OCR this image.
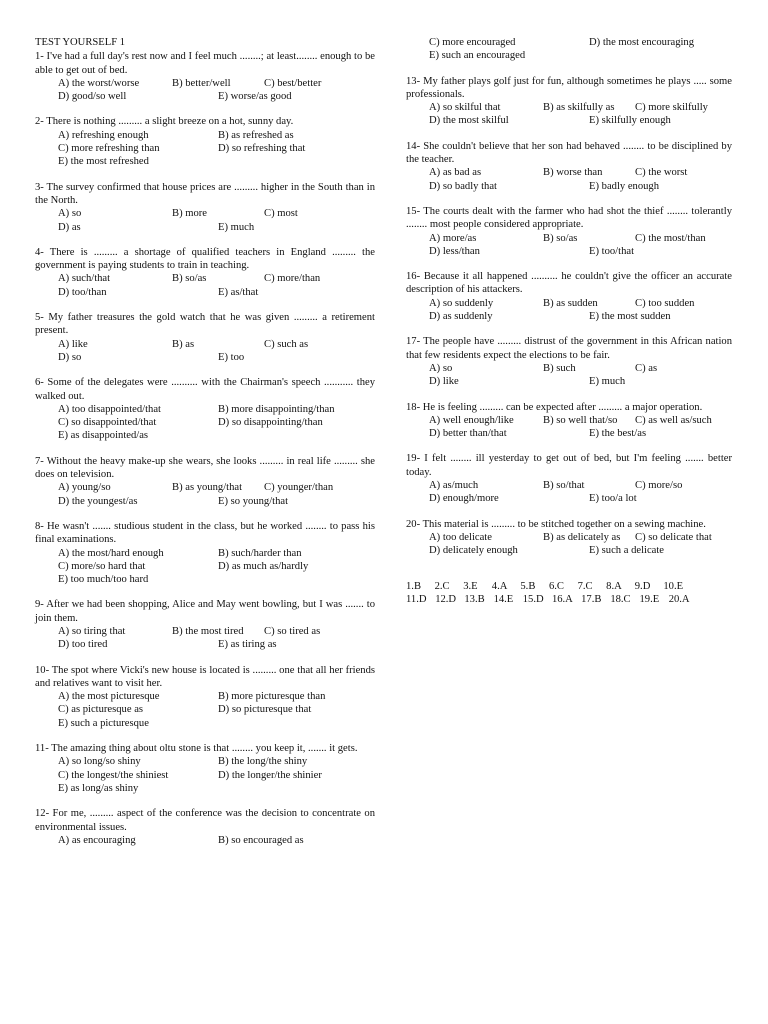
TEST YOURSELF 1
1- I've had a full day's rest now and I feel much ........; at least........ enough to be able to get out of bed.
A) the worst/worse	B) better/well	C) best/better
D) good/so well	E) worse/as good
2- There is nothing ......... a slight breeze on a hot, sunny day.
A) refreshing enough	B) as refreshed as
C) more refreshing than	D) so refreshing that
E) the most refreshed
3- The survey confirmed that house prices are ......... higher in the South than in the North.
A) so	B) more	C) most
D) as	E) much
4- There is ......... a shortage of qualified teachers in England ......... the government is paying students to train in teaching.
A) such/that	B) so/as	C) more/than
D) too/than	E) as/that
5- My father treasures the gold watch that he was given ......... a retirement present.
A) like	B) as	C) such as
D) so	E) too
6- Some of the delegates were .......... with the Chairman's speech ........... they walked out.
A) too disappointed/that	B) more disappointing/than
C) so disappointed/that	D) so disappointing/than
E) as disappointed/as
7- Without the heavy make-up she wears, she looks ......... in real life ......... she does on television.
A) young/so	B) as young/that	C) younger/than
D) the youngest/as	E) so young/that
8- He wasn't ....... studious student in the class, but he worked ........ to pass his final examinations.
A) the most/hard enough	B) such/harder than
C) more/so hard that	D) as much as/hardly
E) too much/too hard
9- After we had been shopping, Alice and May went bowling, but I was ....... to join them.
A) so tiring that	B) the most tired	C) so tired as
D) too tired	E) as tiring as
10- The spot where Vicki's new house is located is ......... one that all her friends and relatives want to visit her.
A) the most picturesque	B) more picturesque than
C) as picturesque as	D) so picturesque that
E) such a picturesque
11- The amazing thing about oltu stone is that ........ you keep it, ....... it gets.
A) so long/so shiny	B) the long/the shiny
C) the longest/the shiniest	D) the longer/the shinier
E) as long/as shiny
12- For me, ......... aspect of the conference was the decision to concentrate on environmental issues.
A) as encouraging	B) so encouraged as
C) more encouraged	D) the most encouraging
E) such an encouraged
13- My father plays golf just for fun, although sometimes he plays ..... some professionals.
A) so skilful that	B) as skilfully as	C) more skilfully
D) the most skilful	E) skilfully enough
14- She couldn't believe that her son had behaved ........ to be disciplined by the teacher.
A) as bad as	B) worse than	C) the worst
D) so badly that	E) badly enough
15- The courts dealt with the farmer who had shot the thief ........ tolerantly ........ most people considered appropriate.
A) more/as	B) so/as	C) the most/than
D) less/than	E) too/that
16- Because it all happened .......... he couldn't give the officer an accurate description of his attackers.
A) so suddenly	B) as sudden	C) too sudden
D) as suddenly	E) the most sudden
17- The people have ......... distrust of the government in this African nation that few residents expect the elections to be fair.
A) so	B) such	C) as
D) like	E) much
18- He is feeling ......... can be expected after ......... a major operation.
A) well enough/like	B) so well that/so	C) as well as/such
D) better than/that	E) the best/as
19- I felt ........ ill yesterday to get out of bed, but I'm feeling ....... better today.
A) as/much	B) so/that	C) more/so
D) enough/more	E) too/a lot
20- This material is ......... to be stitched together on a sewing machine.
A) too delicate	B) as delicately as	C) so delicate that
D) delicately enough	E) such a delicate
1.B	2.C	3.E	4.A	5.B	6.C	7.C	8.A	9.D	10.E
11.D 12.D 13.B 14.E 15.D 16.A 17.B 18.C 19.E 20.A
